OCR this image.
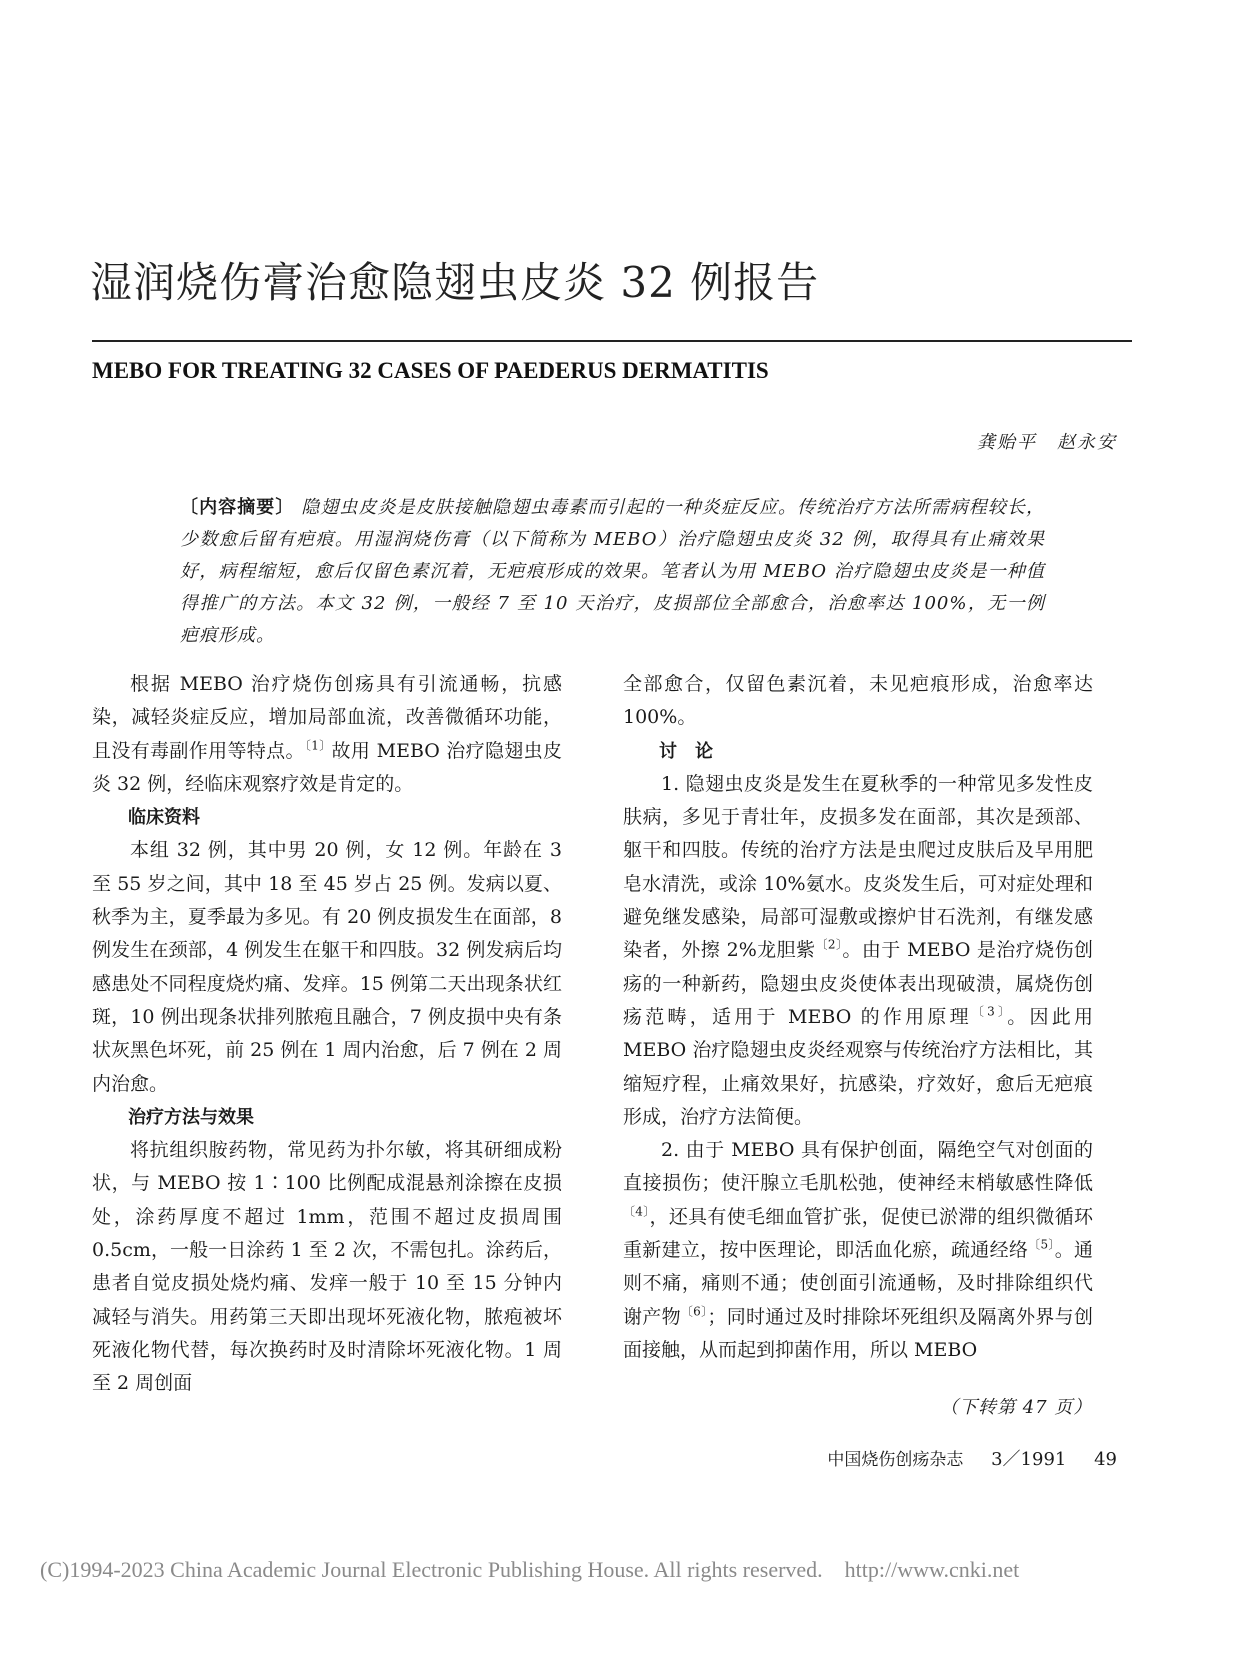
湿润烧伤膏治愈隐翅虫皮炎 32 例报告
MEBO FOR TREATING 32 CASES OF PAEDERUS DERMATITIS
龚贻平　赵永安
〔内容摘要〕 隐翅虫皮炎是皮肤接触隐翅虫毒素而引起的一种炎症反应。传统治疗方法所需病程较长，少数愈后留有疤痕。用湿润烧伤膏（以下简称为 MEBO）治疗隐翅虫皮炎 32 例，取得具有止痛效果好，病程缩短，愈后仅留色素沉着，无疤痕形成的效果。笔者认为用 MEBO 治疗隐翅虫皮炎是一种值得推广的方法。本文 32 例，一般经 7 至 10 天治疗，皮损部位全部愈合，治愈率达 100%，无一例疤痕形成。

根据 MEBO 治疗烧伤创疡具有引流通畅，抗感染，减轻炎症反应，增加局部血流，改善微循环功能，且没有毒副作用等特点。$^{〔1〕}$故用 MEBO 治疗隐翅虫皮炎 32 例，经临床观察疗效是肯定的。

临床资料

本组 32 例，其中男 20 例，女 12 例。年龄在 3 至 55 岁之间，其中 18 至 45 岁占 25 例。发病以夏、秋季为主，夏季最为多见。有 20 例皮损发生在面部，8 例发生在颈部，4 例发生在躯干和四肢。32 例发病后均感患处不同程度烧灼痛、发痒。15 例第二天出现条状红斑，10 例出现条状排列脓疱且融合，7 例皮损中央有条状灰黑色坏死，前 25 例在 1 周内治愈，后 7 例在 2 周内治愈。

治疗方法与效果

将抗组织胺药物，常见药为扑尔敏，将其研细成粉状，与 MEBO 按 1∶100 比例配成混悬剂涂擦在皮损处，涂药厚度不超过 1mm，范围不超过皮损周围 0.5cm，一般一日涂药 1 至 2 次，不需包扎。涂药后，患者自觉皮损处烧灼痛、发痒一般于 10 至 15 分钟内减轻与消失。用药第三天即出现坏死液化物，脓疱被坏死液化物代替，每次换药时及时清除坏死液化物。1 周至 2 周创面

全部愈合，仅留色素沉着，未见疤痕形成，治愈率达 100%。

讨论

1. 隐翅虫皮炎是发生在夏秋季的一种常见多发性皮肤病，多见于青壮年，皮损多发在面部，其次是颈部、躯干和四肢。传统的治疗方法是虫爬过皮肤后及早用肥皂水清洗，或涂 10%氨水。皮炎发生后，可对症处理和避免继发感染，局部可湿敷或擦炉甘石洗剂，有继发感染者，外擦 2%龙胆紫$^{〔2〕}$。由于 MEBO 是治疗烧伤创疡的一种新药，隐翅虫皮炎使体表出现破溃，属烧伤创疡范畴，适用于 MEBO 的作用原理$^{〔3〕}$。因此用 MEBO 治疗隐翅虫皮炎经观察与传统治疗方法相比，其缩短疗程，止痛效果好，抗感染，疗效好，愈后无疤痕形成，治疗方法简便。

2. 由于 MEBO 具有保护创面，隔绝空气对创面的直接损伤；使汗腺立毛肌松弛，使神经末梢敏感性降低$^{〔4〕}$，还具有使毛细血管扩张，促使已淤滞的组织微循环重新建立，按中医理论，即活血化瘀，疏通经络$^{〔5〕}$。通则不痛，痛则不通；使创面引流通畅，及时排除组织代谢产物$^{〔6〕}$；同时通过及时排除坏死组织及隔离外界与创面接触，从而起到抑菌作用，所以 MEBO

（下转第 47 页）
中国烧伤创疡杂志 3／1991 49
(C)1994-2023 China Academic Journal Electronic Publishing House. All rights reserved.　http://www.cnki.net
